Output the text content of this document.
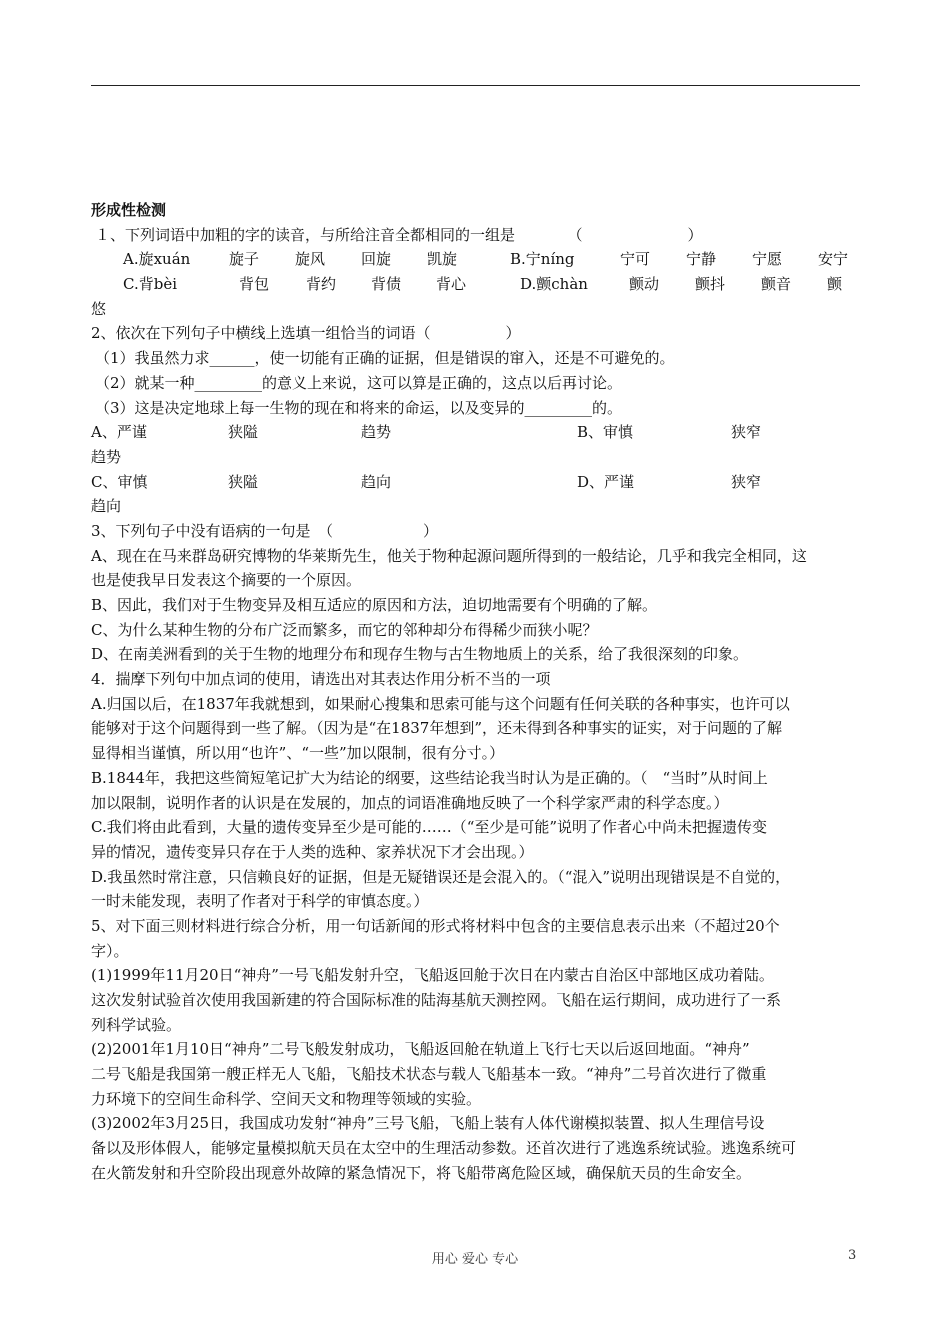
形成性检测
１、下列词语中加粗的字的读音，与所给注音全都相同的一组是　　　　（　　　　　　　）
A.旋xuán	旋子 旋风 回旋 凯旋	B.宁níng	宁可 宁静 宁愿 安宁
C.背bèi	背包 背约 背债 背心	D.颤chàn	颤动 颤抖 颤音 颤
悠
2、依次在下列句子中横线上选填一组恰当的词语（　　　　　）
（1）我虽然力求______，使一切能有正确的证据，但是错误的窜入，还是不可避免的。
（2）就某一种_________的意义上来说，这可以算是正确的，这点以后再讨论。
（3）这是决定地球上每一生物的现在和将来的命运，以及变异的_________的。
A、严谨	狭隘	趋势	B、审慎	狭窄
趋势
C、审慎	狭隘	趋向	D、严谨	狭窄
趋向
3、下列句子中没有语病的一句是　（　　　　　　）
A、现在在马来群岛研究博物的华莱斯先生，他关于物种起源问题所得到的一般结论，几乎和我完全相同，这
也是使我早日发表这个摘要的一个原因。
B、因此，我们对于生物变异及相互适应的原因和方法，迫切地需要有个明确的了解。
C、为什么某种生物的分布广泛而繁多，而它的邻种却分布得稀少而狭小呢？
D、在南美洲看到的关于生物的地理分布和现存生物与古生物地质上的关系，给了我很深刻的印象。
4．揣摩下列句中加点词的使用，请选出对其表达作用分析不当的一项
A.归国以后，在1837年我就想到，如果耐心搜集和思索可能与这个问题有任何关联的各种事实，也许可以
能够对于这个问题得到一些了解。（因为是“在1837年想到”，还未得到各种事实的证实，对于问题的了解
显得相当谨慎，所以用“也许”、“一些”加以限制，很有分寸。）
B.1844年，我把这些简短笔记扩大为结论的纲要，这些结论我当时认为是正确的。（　“当时”从时间上
加以限制，说明作者的认识是在发展的，加点的词语准确地反映了一个科学家严肃的科学态度。）
C.我们将由此看到，大量的遗传变异至少是可能的……（“至少是可能”说明了作者心中尚未把握遗传变
异的情况，遗传变异只存在于人类的选种、家养状况下才会出现。）
D.我虽然时常注意，只信赖良好的证据，但是无疑错误还是会混入的。（“混入”说明出现错误是不自觉的，
一时未能发现，表明了作者对于科学的审慎态度。）
5、对下面三则材料进行综合分析，用一句话新闻的形式将材料中包含的主要信息表示出来（不超过20个
字）。
(1)1999年11月20日“神舟”一号飞船发射升空，飞船返回舱于次日在内蒙古自治区中部地区成功着陆。
这次发射试验首次使用我国新建的符合国际标准的陆海基航天测控网。飞船在运行期间，成功进行了一系
列科学试验。
(2)2001年1月10日“神舟”二号飞般发射成功，飞船返回舱在轨道上飞行七天以后返回地面。“神舟”
二号飞船是我国第一艘正样无人飞船，飞船技术状态与载人飞船基本一致。“神舟”二号首次进行了微重
力环境下的空间生命科学、空间天文和物理等领域的实验。
(3)2002年3月25日，我国成功发射“神舟”三号飞船，飞船上装有人体代谢模拟装置、拟人生理信号设
备以及形体假人，能够定量模拟航天员在太空中的生理活动参数。还首次进行了逃逸系统试验。逃逸系统可
在火箭发射和升空阶段出现意外故障的紧急情况下，将飞船带离危险区域，确保航天员的生命安全。
用心 爱心 专心	3
